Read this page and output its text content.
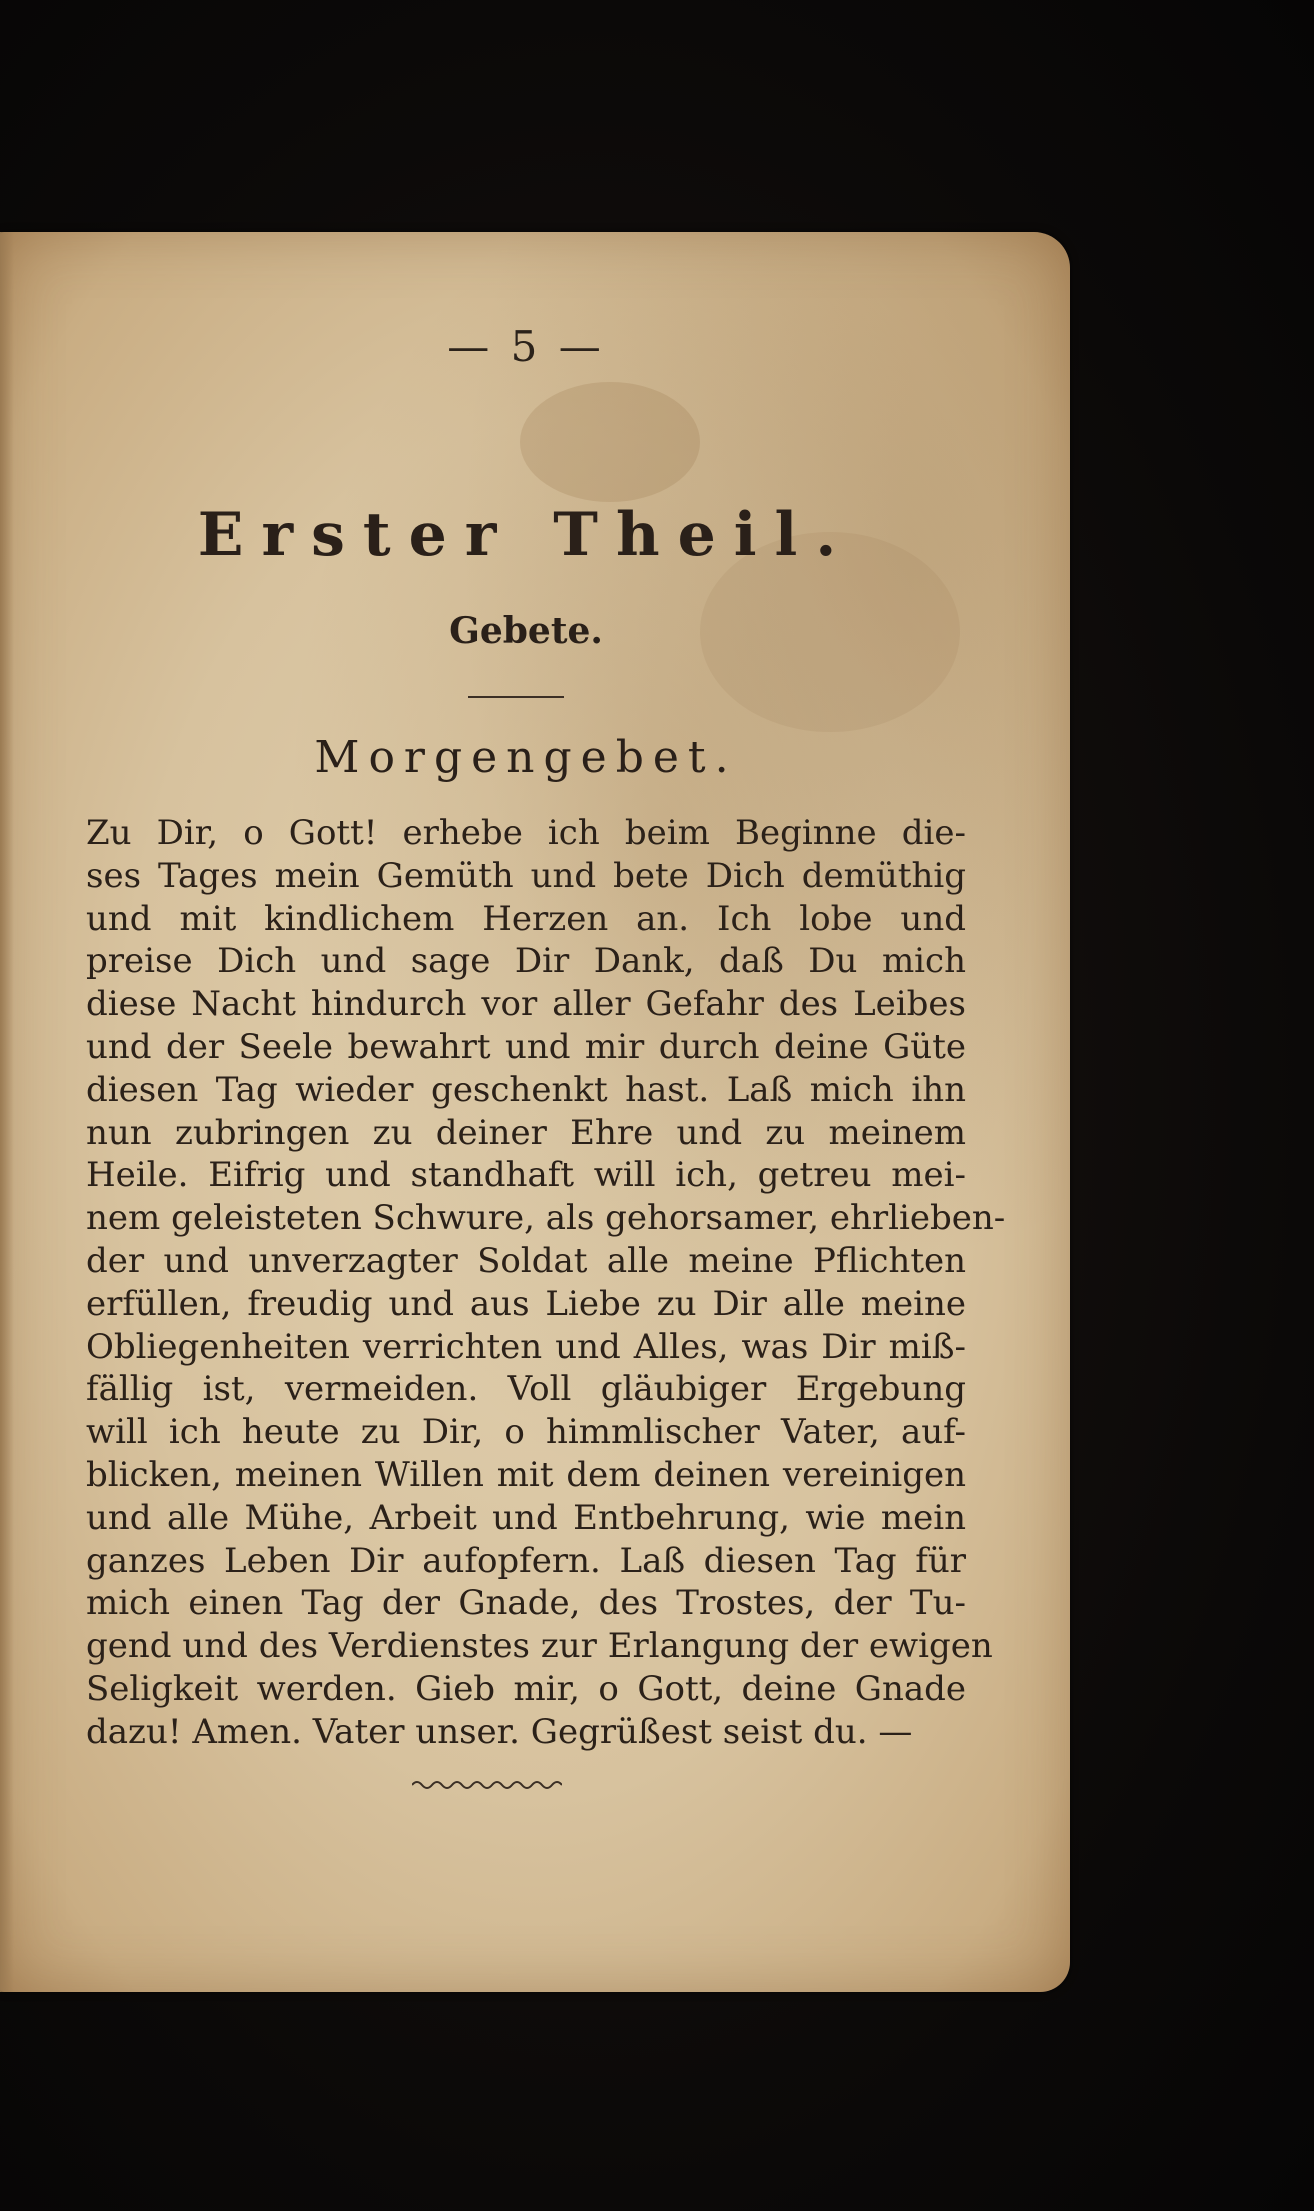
— 5 —
Erster Theil.
Gebete.
Morgengebet.
Zu Dir, o Gott! erhebe ich beim Beginne die-
ses Tages mein Gemüth und bete Dich demüthig
und mit kindlichem Herzen an. Ich lobe und
preise Dich und sage Dir Dank, daß Du mich
diese Nacht hindurch vor aller Gefahr des Leibes
und der Seele bewahrt und mir durch deine Güte
diesen Tag wieder geschenkt hast. Laß mich ihn
nun zubringen zu deiner Ehre und zu meinem
Heile. Eifrig und standhaft will ich, getreu mei-
nem geleisteten Schwure, als gehorsamer, ehrlieben-
der und unverzagter Soldat alle meine Pflichten
erfüllen, freudig und aus Liebe zu Dir alle meine
Obliegenheiten verrichten und Alles, was Dir miß-
fällig ist, vermeiden. Voll gläubiger Ergebung
will ich heute zu Dir, o himmlischer Vater, auf-
blicken, meinen Willen mit dem deinen vereinigen
und alle Mühe, Arbeit und Entbehrung, wie mein
ganzes Leben Dir aufopfern. Laß diesen Tag für
mich einen Tag der Gnade, des Trostes, der Tu-
gend und des Verdienstes zur Erlangung der ewigen
Seligkeit werden. Gieb mir, o Gott, deine Gnade
dazu! Amen. Vater unser. Gegrüßest seist du. —
